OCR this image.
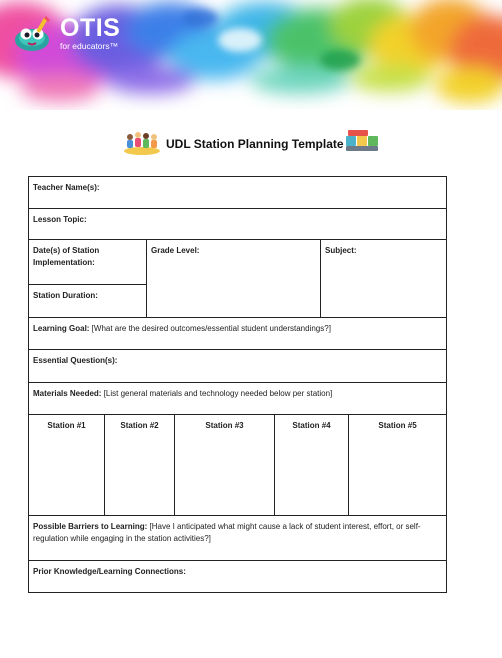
OTIS
for educators™
UDL Station Planning Template
Teacher Name(s):						
Lesson Topic:						
Date(s) of Station Implementation:		Grade Level:			Subject:	
Station Duration:						
Learning Goal: [What are the desired outcomes/essential student understandings?]						
Essential Question(s):						
Materials Needed: [List general materials and technology needed below per station]						
Station #1	Station #2		Station #3	Station #4		Station #5
Possible Barriers to Learning: [Have I anticipated what might cause a lack of student interest, effort, or self-regulation while engaging in the station activities?]						
Prior Knowledge/Learning Connections:						
